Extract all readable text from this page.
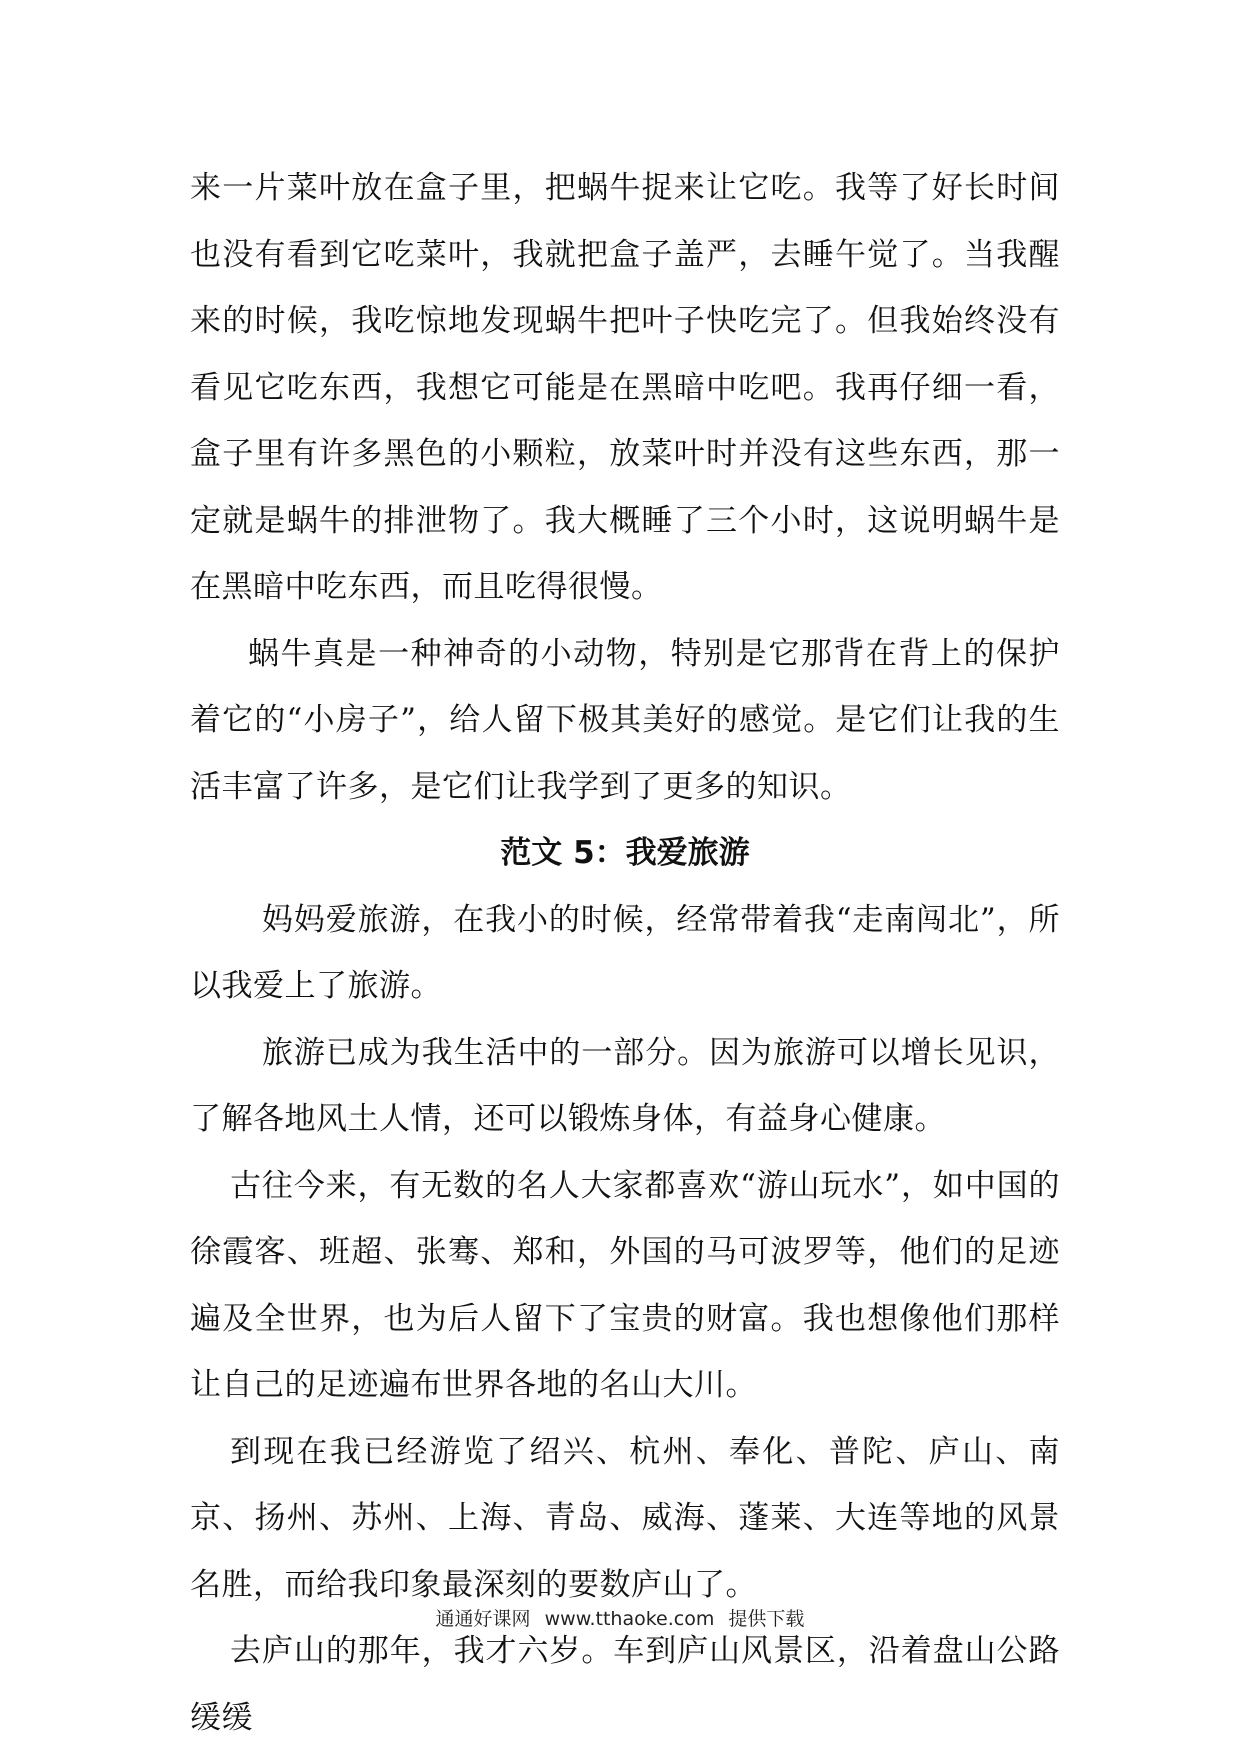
来一片菜叶放在盒子里，把蜗牛捉来让它吃。我等了好长时间也没有看到它吃菜叶，我就把盒子盖严，去睡午觉了。当我醒来的时候，我吃惊地发现蜗牛把叶子快吃完了。但我始终没有看见它吃东西，我想它可能是在黑暗中吃吧。我再仔细一看，盒子里有许多黑色的小颗粒，放菜叶时并没有这些东西，那一定就是蜗牛的排泄物了。我大概睡了三个小时，这说明蜗牛是在黑暗中吃东西，而且吃得很慢。

蜗牛真是一种神奇的小动物，特别是它那背在背上的保护着它的“小房子”，给人留下极其美好的感觉。是它们让我的生活丰富了许多，是它们让我学到了更多的知识。

范文 5：我爱旅游

妈妈爱旅游，在我小的时候，经常带着我“走南闯北”，所以我爱上了旅游。

旅游已成为我生活中的一部分。因为旅游可以增长见识，了解各地风土人情，还可以锻炼身体，有益身心健康。

古往今来，有无数的名人大家都喜欢“游山玩水”，如中国的徐霞客、班超、张骞、郑和，外国的马可波罗等，他们的足迹遍及全世界，也为后人留下了宝贵的财富。我也想像他们那样让自己的足迹遍布世界各地的名山大川。

到现在我已经游览了绍兴、杭州、奉化、普陀、庐山、南京、扬州、苏州、上海、青岛、威海、蓬莱、大连等地的风景名胜，而给我印象最深刻的要数庐山了。

去庐山的那年，我才六岁。车到庐山风景区，沿着盘山公路缓缓

通通好课网 www.tthaoke.com 提供下载
